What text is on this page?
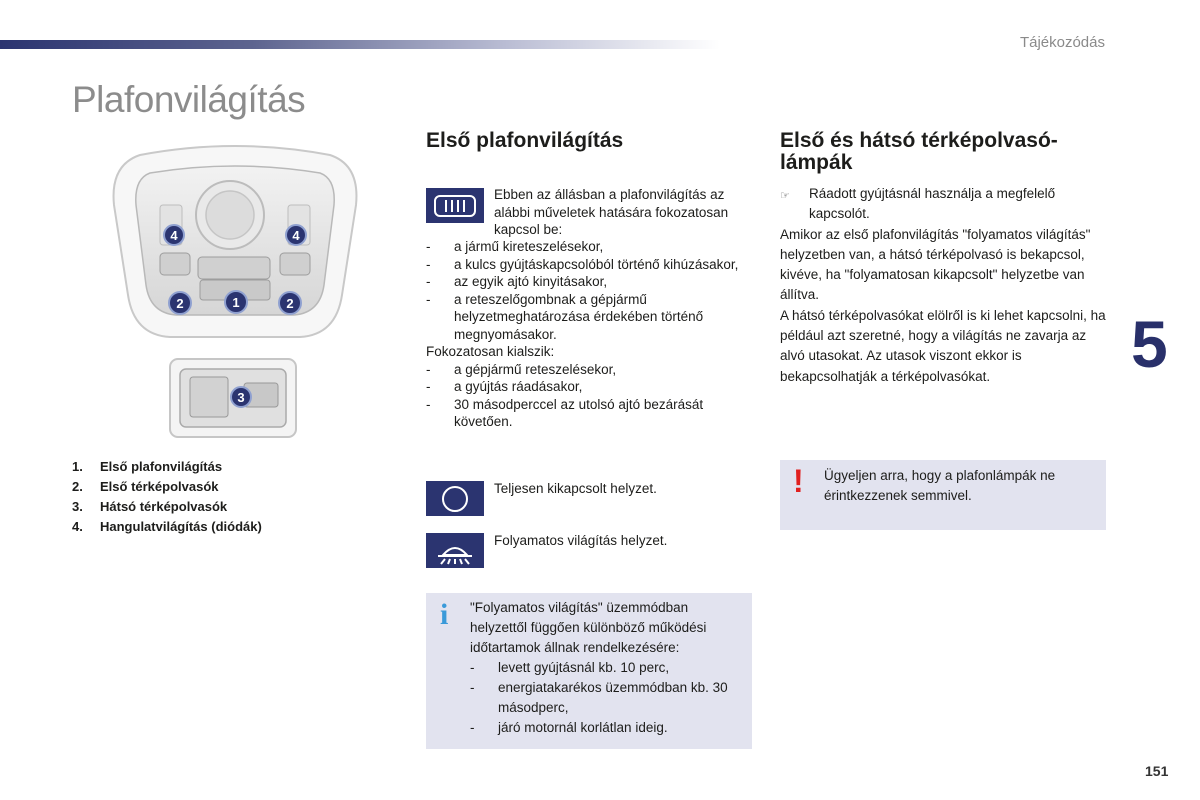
Tájékozódás
Plafonvilágítás
5
151
4	4
2	1	2
3
1.	Első plafonvilágítás
2.	Első térképolvasók
3.	Hátsó térképolvasók
4.	Hangulatvilágítás (diódák)
Első plafonvilágítás
Ebben az állásban a plafonvilágítás az alábbi műveletek hatására fokozatosan kapcsol be:
-	a jármű kireteszelésekor,
-	a kulcs gyújtáskapcsolóból történő kihúzásakor,
-	az egyik ajtó kinyitásakor,
-	a reteszelőgombnak a gépjármű helyzetmeghatározása érdekében történő megnyomásakor.
Fokozatosan kialszik:
-	a gépjármű reteszelésekor,
-	a gyújtás ráadásakor,
-	30 másodperccel az utolsó ajtó bezárását követően.
Teljesen kikapcsolt helyzet.
Folyamatos világítás helyzet.
i "Folyamatos világítás" üzemmódban helyzettől függően különböző működési időtartamok állnak rendelkezésére:
-	levett gyújtásnál kb. 10 perc,
-	energiatakarékos üzemmódban kb. 30 másodperc,
-	járó motornál korlátlan ideig.
Első és hátsó térképolvasó-lámpák
☞	Ráadott gyújtásnál használja a megfelelő kapcsolót.
Amikor az első plafonvilágítás "folyamatos világítás" helyzetben van, a hátsó térképolvasó is bekapcsol, kivéve, ha "folyamatosan kikapcsolt" helyzetbe van állítva.
A hátsó térképolvasókat elölről is ki lehet kapcsolni, ha például azt szeretné, hogy a világítás ne zavarja az alvó utasokat. Az utasok viszont ekkor is bekapcsolhatják a térképolvasókat.
! Ügyeljen arra, hogy a plafonlámpák ne érintkezzenek semmivel.
